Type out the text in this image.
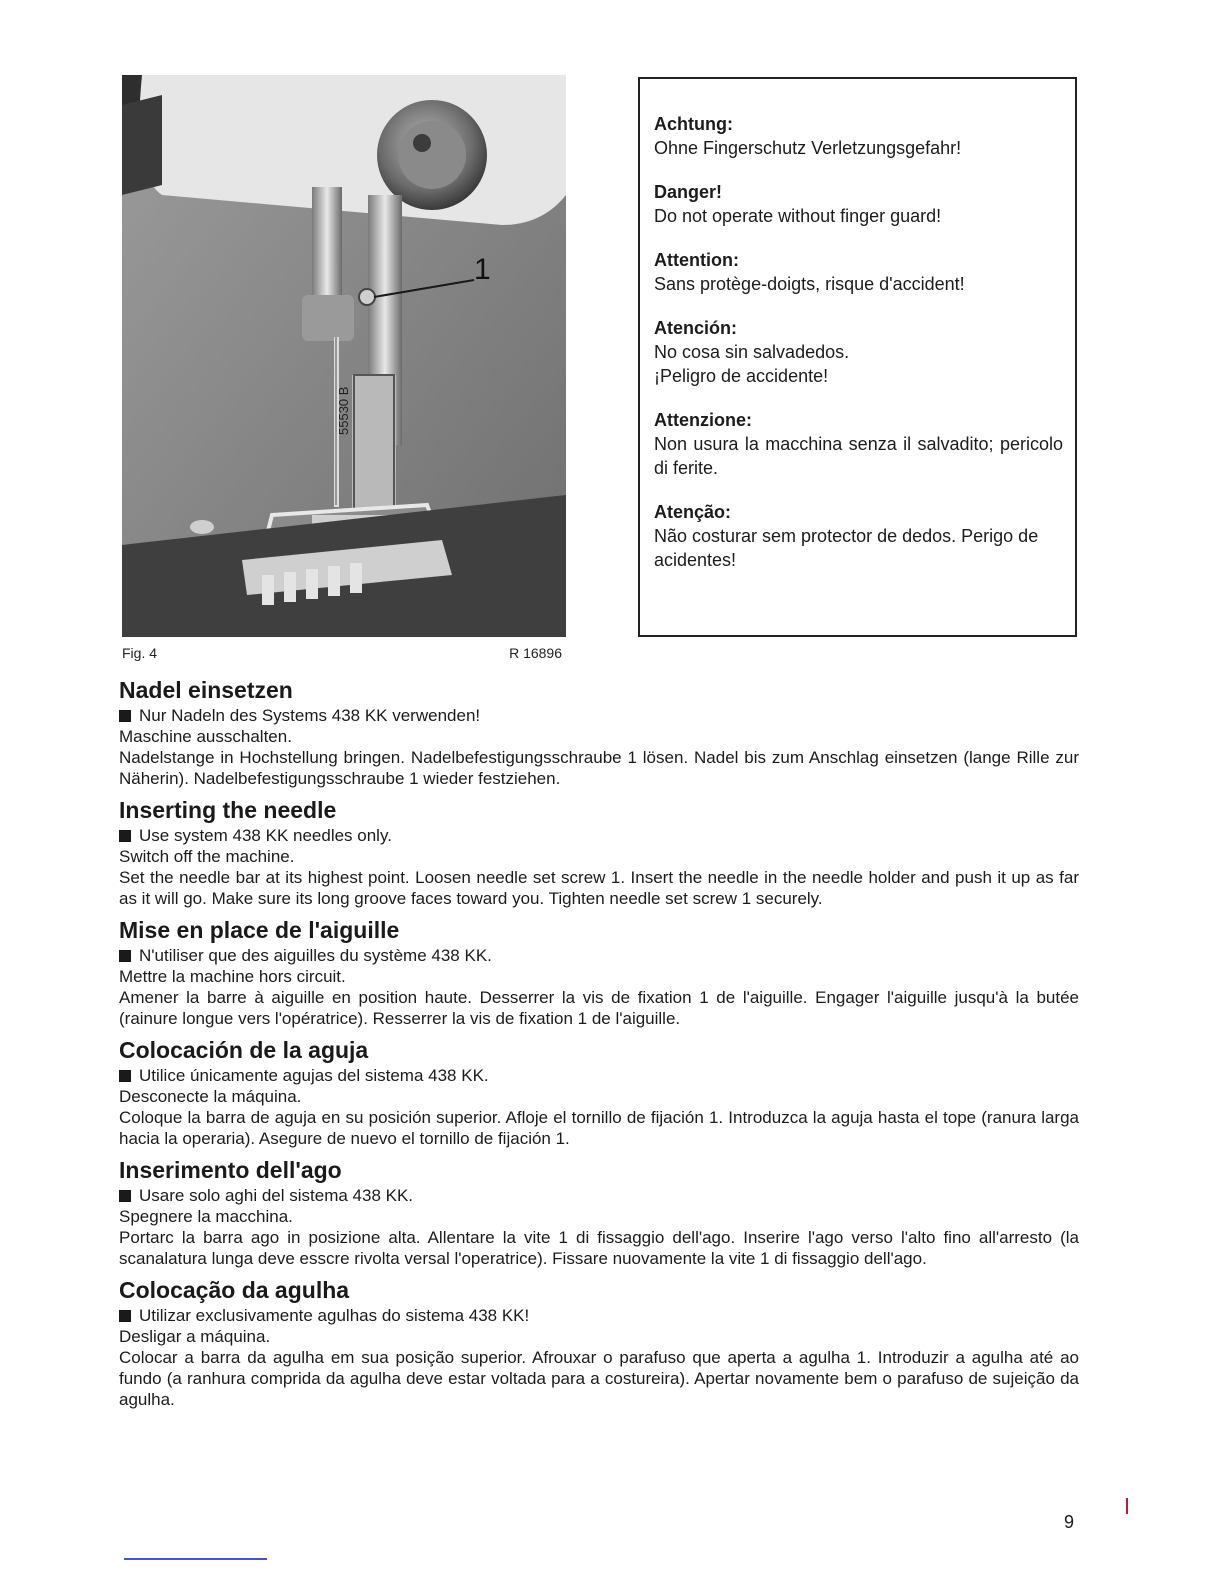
1
55530 B
Fig. 4	R 16896
Achtung:
Ohne Fingerschutz Verletzungsgefahr!
Danger!
Do not operate without finger guard!
Attention:
Sans protège-doigts, risque d'accident!
Atención:
No cosa sin salvadedos.
¡Peligro de accidente!
Attenzione:
Non usura la macchina senza il salvadito; pericolo di ferite.
Atenção:
Não costurar sem protector de dedos. Perigo de acidentes!
Nadel einsetzen

Nur Nadeln des Systems 438 KK verwenden!

Maschine ausschalten.

Nadelstange in Hochstellung bringen. Nadelbefestigungsschraube 1 lösen. Nadel bis zum Anschlag einsetzen (lange Rille zur Näherin). Nadelbefestigungsschraube 1 wieder festziehen.

Inserting the needle

Use system 438 KK needles only.

Switch off the machine.

Set the needle bar at its highest point. Loosen needle set screw 1. Insert the needle in the needle holder and push it up as far as it will go. Make sure its long groove faces toward you. Tighten needle set screw 1 securely.

Mise en place de l'aiguille

N'utiliser que des aiguilles du système 438 KK.

Mettre la machine hors circuit.

Amener la barre à aiguille en position haute. Desserrer la vis de fixation 1 de l'aiguille. Engager l'aiguille jusqu'à la butée (rainure longue vers l'opératrice). Resserrer la vis de fixation 1 de l'aiguille.

Colocación de la aguja

Utilice únicamente agujas del sistema 438 KK.

Desconecte la máquina.

Coloque la barra de aguja en su posición superior. Afloje el tornillo de fijación 1. Introduzca la aguja hasta el tope (ranura larga hacia la operaria). Asegure de nuevo el tornillo de fijación 1.

Inserimento dell'ago

Usare solo aghi del sistema 438 KK.

Spegnere la macchina.

Portarc la barra ago in posizione alta. Allentare la vite 1 di fissaggio dell'ago. Inserire l'ago verso l'alto fino all'arresto (la scanalatura lunga deve esscre rivolta versal l'operatrice). Fissare nuovamente la vite 1 di fissaggio dell'ago.

Colocação da agulha

Utilizar exclusivamente agulhas do sistema 438 KK!

Desligar a máquina.

Colocar a barra da agulha em sua posição superior. Afrouxar o parafuso que aperta a agulha 1. Introduzir a agulha até ao fundo (a ranhura comprida da agulha deve estar voltada para a costureira). Apertar novamente bem o parafuso de sujeição da agulha.

9
